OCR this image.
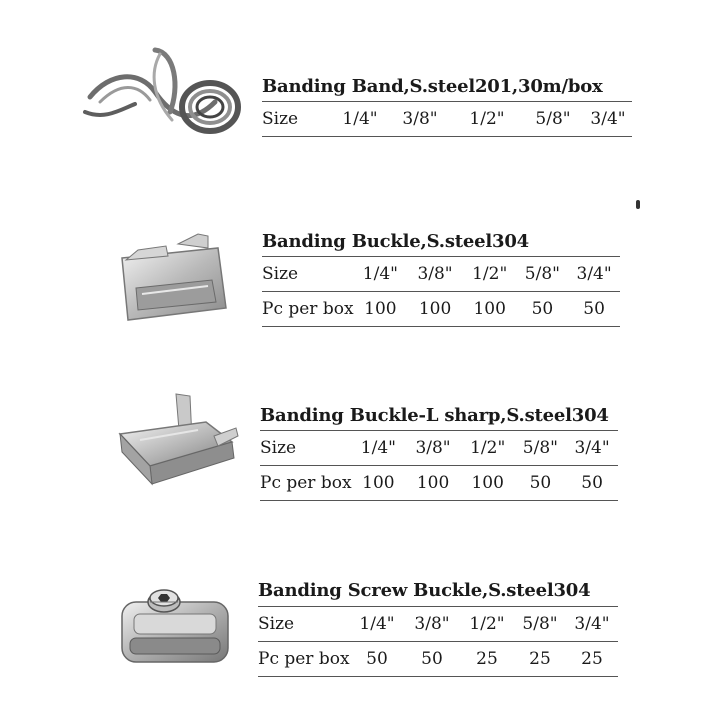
Banding Band,S.steel201,30m/box
Size	1/4"	3/8"	1/2"	5/8"	3/4"
Banding Buckle,S.steel304
Size	1/4"	3/8"	1/2"	5/8"	3/4"
Pc per box	100	100	100	50	50
Banding Buckle-L sharp,S.steel304
Size	1/4"	3/8"	1/2"	5/8"	3/4"
Pc per box	100	100	100	50	50
Banding Screw Buckle,S.steel304
Size	1/4"	3/8"	1/2"	5/8"	3/4"
Pc per box	50	50	25	25	25
